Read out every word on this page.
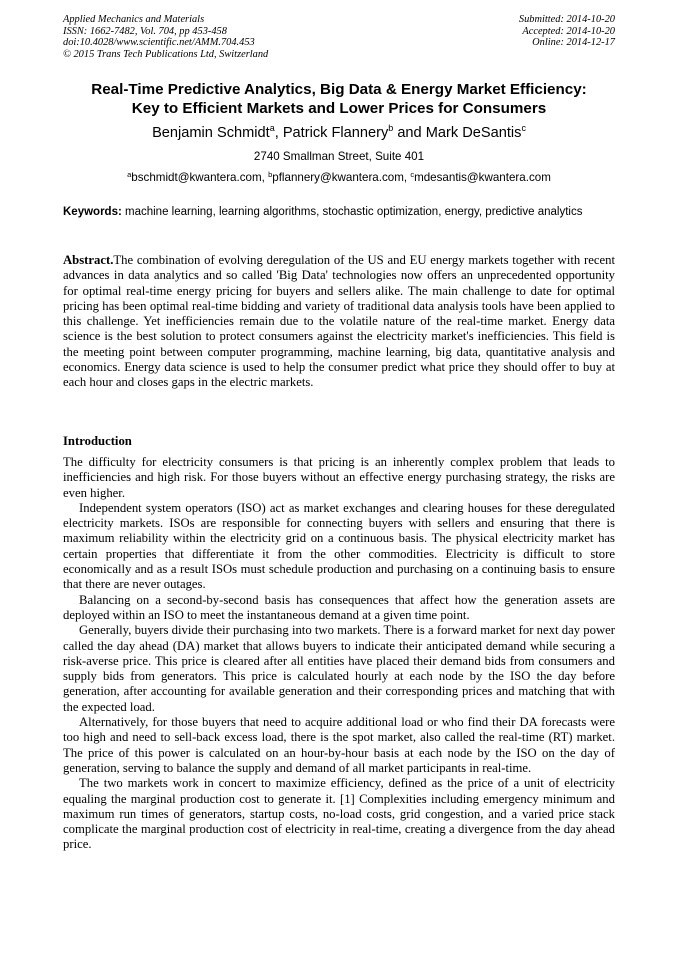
Applied Mechanics and Materials
ISSN: 1662-7482, Vol. 704, pp 453-458
doi:10.4028/www.scientific.net/AMM.704.453
© 2015 Trans Tech Publications Ltd, Switzerland
Submitted: 2014-10-20
Accepted: 2014-10-20
Online: 2014-12-17
Real-Time Predictive Analytics, Big Data & Energy Market Efficiency:
Key to Efficient Markets and Lower Prices for Consumers
Benjamin Schmidt$^a$, Patrick Flannery$^b$ and Mark DeSantis$^c$
2740 Smallman Street, Suite 401
$^a$bschmidt@kwantera.com, $^b$pflannery@kwantera.com, $^c$mdesantis@kwantera.com
Keywords: machine learning, learning algorithms, stochastic optimization, energy, predictive analytics

Abstract.The combination of evolving deregulation of the US and EU energy markets together with recent advances in data analytics and so called 'Big Data' technologies now offers an unprecedented opportunity for optimal real-time energy pricing for buyers and sellers alike. The main challenge to date for optimal pricing has been optimal real-time bidding and variety of traditional data analysis tools have been applied to this challenge. Yet inefficiencies remain due to the volatile nature of the real-time market. Energy data science is the best solution to protect consumers against the electricity market's inefficiencies. This field is the meeting point between computer programming, machine learning, big data, quantitative analysis and economics. Energy data science is used to help the consumer predict what price they should offer to buy at each hour and closes gaps in the electric markets.

Introduction

The difficulty for electricity consumers is that pricing is an inherently complex problem that leads to inefficiencies and high risk. For those buyers without an effective energy purchasing strategy, the risks are even higher.

Independent system operators (ISO) act as market exchanges and clearing houses for these deregulated electricity markets. ISOs are responsible for connecting buyers with sellers and ensuring that there is maximum reliability within the electricity grid on a continuous basis. The physical electricity market has certain properties that differentiate it from the other commodities. Electricity is difficult to store economically and as a result ISOs must schedule production and purchasing on a continuing basis to ensure that there are never outages.

Balancing on a second-by-second basis has consequences that affect how the generation assets are deployed within an ISO to meet the instantaneous demand at a given time point.

Generally, buyers divide their purchasing into two markets. There is a forward market for next day power called the day ahead (DA) market that allows buyers to indicate their anticipated demand while securing a risk-averse price. This price is cleared after all entities have placed their demand bids from consumers and supply bids from generators. This price is calculated hourly at each node by the ISO the day before generation, after accounting for available generation and their corresponding prices and matching that with the expected load.

Alternatively, for those buyers that need to acquire additional load or who find their DA forecasts were too high and need to sell-back excess load, there is the spot market, also called the real-time (RT) market. The price of this power is calculated on an hour-by-hour basis at each node by the ISO on the day of generation, serving to balance the supply and demand of all market participants in real-time.

The two markets work in concert to maximize efficiency, defined as the price of a unit of electricity equaling the marginal production cost to generate it. [1] Complexities including emergency minimum and maximum run times of generators, startup costs, no-load costs, grid congestion, and a varied price stack complicate the marginal production cost of electricity in real-time, creating a divergence from the day ahead price.
